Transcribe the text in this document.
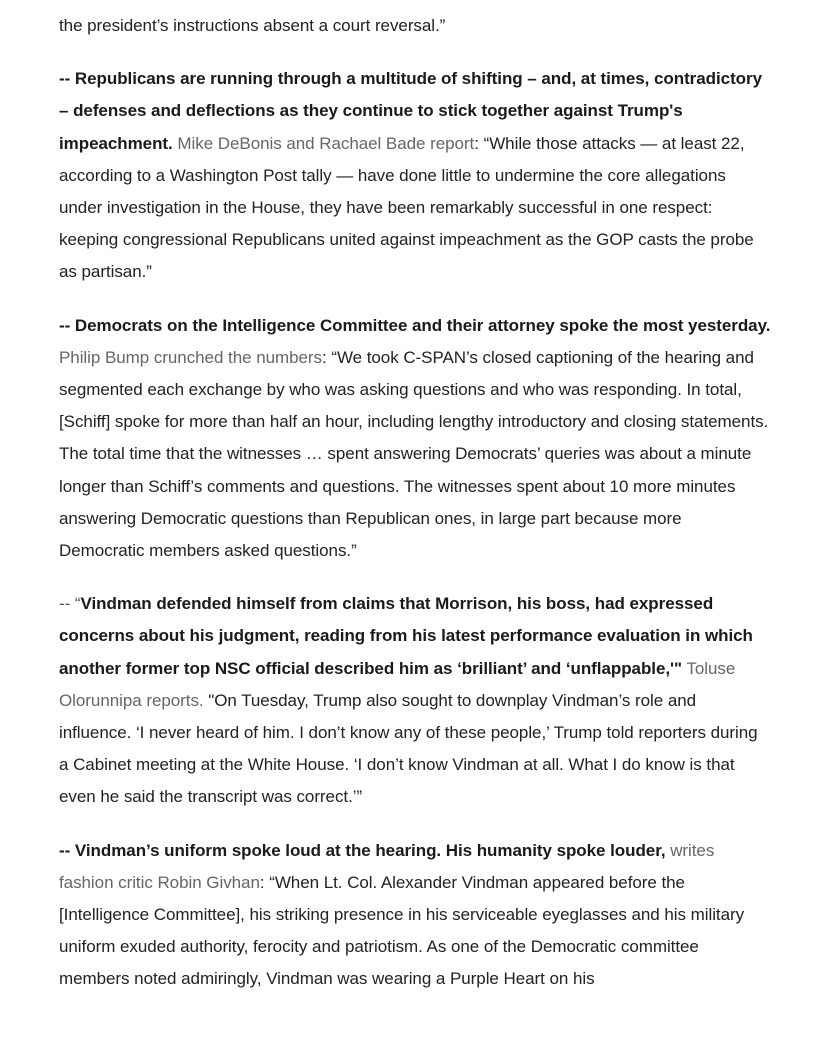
the president’s instructions absent a court reversal.”

-- Republicans are running through a multitude of shifting – and, at times, contradictory – defenses and deflections as they continue to stick together against Trump's impeachment. Mike DeBonis and Rachael Bade report: “While those attacks — at least 22, according to a Washington Post tally — have done little to undermine the core allegations under investigation in the House, they have been remarkably successful in one respect: keeping congressional Republicans united against impeachment as the GOP casts the probe as partisan.”

-- Democrats on the Intelligence Committee and their attorney spoke the most yesterday. Philip Bump crunched the numbers: “We took C-SPAN’s closed captioning of the hearing and segmented each exchange by who was asking questions and who was responding. In total, [Schiff] spoke for more than half an hour, including lengthy introductory and closing statements. The total time that the witnesses … spent answering Democrats’ queries was about a minute longer than Schiff’s comments and questions. The witnesses spent about 10 more minutes answering Democratic questions than Republican ones, in large part because more Democratic members asked questions.”

-- “Vindman defended himself from claims that Morrison, his boss, had expressed concerns about his judgment, reading from his latest performance evaluation in which another former top NSC official described him as ‘brilliant’ and ‘unflappable,'" Toluse Olorunnipa reports. "On Tuesday, Trump also sought to downplay Vindman’s role and influence. ‘I never heard of him. I don’t know any of these people,’ Trump told reporters during a Cabinet meeting at the White House. ‘I don’t know Vindman at all. What I do know is that even he said the transcript was correct.’”

-- Vindman’s uniform spoke loud at the hearing. His humanity spoke louder, writes fashion critic Robin Givhan: “When Lt. Col. Alexander Vindman appeared before the [Intelligence Committee], his striking presence in his serviceable eyeglasses and his military uniform exuded authority, ferocity and patriotism. As one of the Democratic committee members noted admiringly, Vindman was wearing a Purple Heart on his
